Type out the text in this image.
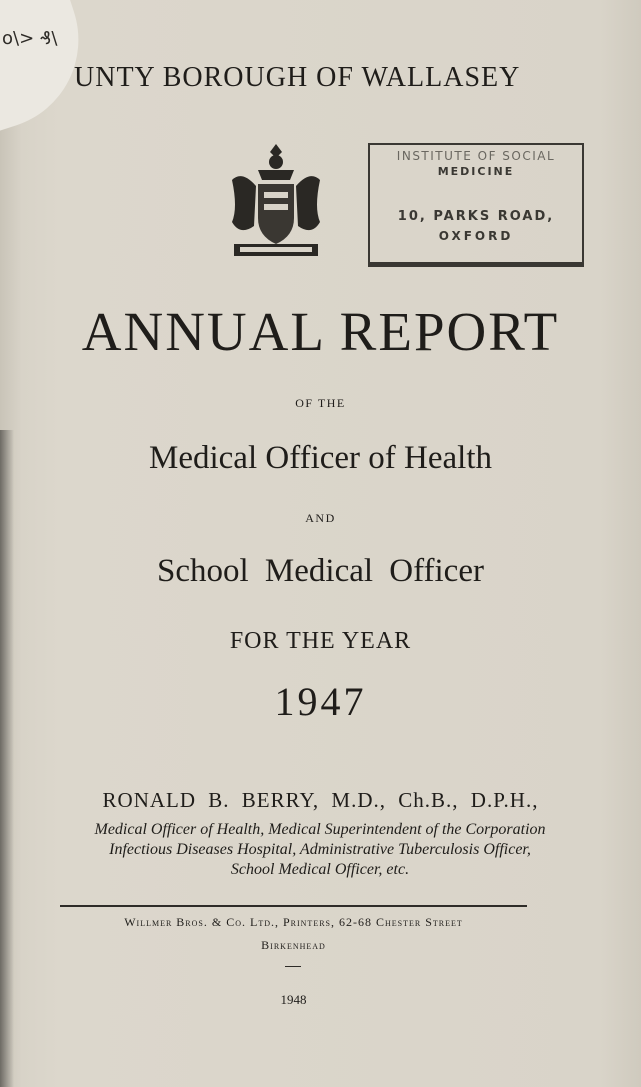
o\> ₰\
UNTY BOROUGH OF WALLASEY
INSTITUTE OF SOCIAL
MEDICINE
10, PARKS ROAD,
OXFORD
ANNUAL REPORT
OF THE
Medical Officer of Health
AND
School Medical Officer
FOR THE YEAR
1947
RONALD B. BERRY, M.D., Ch.B., D.P.H.,
Medical Officer of Health, Medical Superintendent of the Corporation
Infectious Diseases Hospital, Administrative Tuberculosis Officer,
School Medical Officer, etc.
Willmer Bros. & Co. Ltd., Printers, 62-68 Chester Street
Birkenhead
1948
